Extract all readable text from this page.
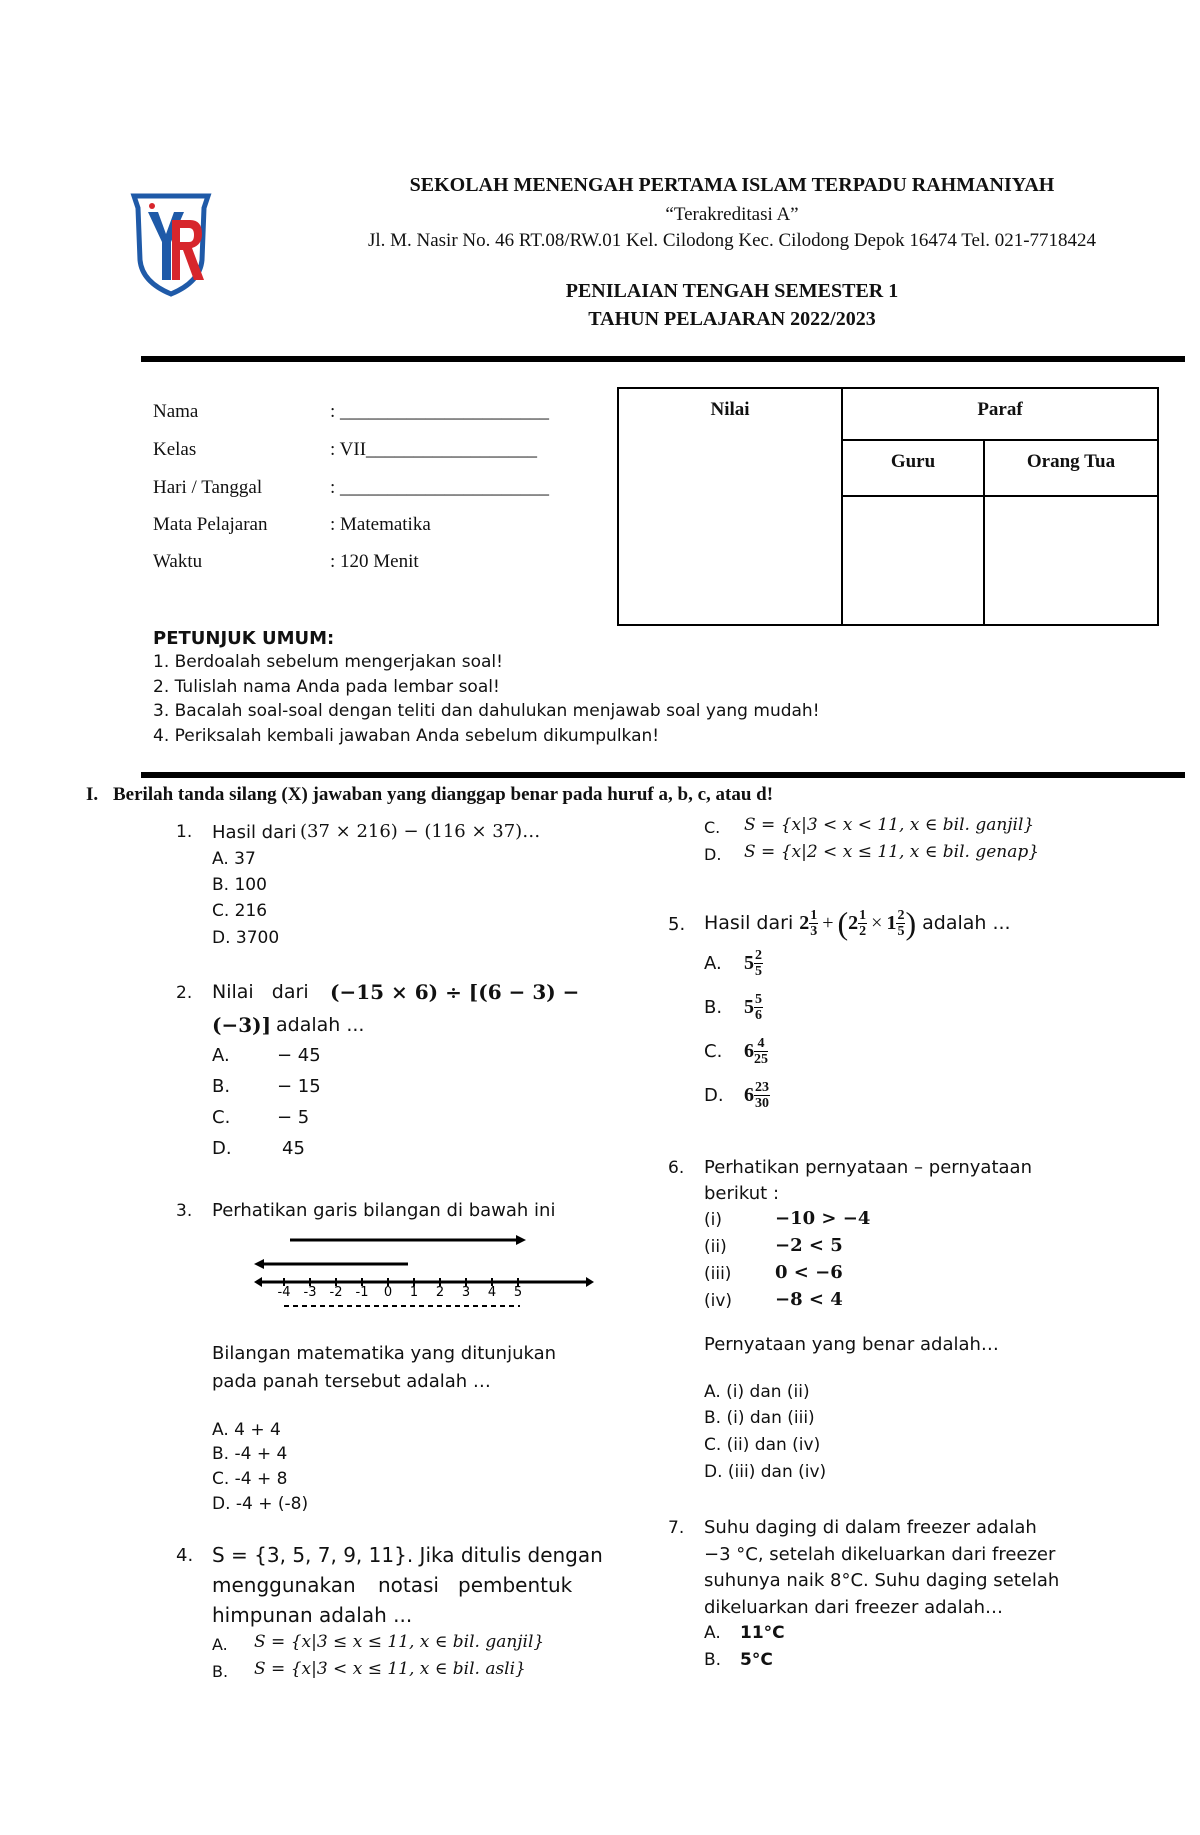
SEKOLAH MENENGAH PERTAMA ISLAM TERPADU RAHMANIYAH
“Terakreditasi A”
Jl. M. Nasir No. 46 RT.08/RW.01 Kel. Cilodong Kec. Cilodong Depok 16474 Tel. 021-7718424
PENILAIAN TENGAH SEMESTER 1
TAHUN PELAJARAN 2022/2023
Nama	: ______________________
Kelas	: VII__________________
Hari / Tanggal	: ______________________
Mata Pelajaran	: Matematika
Waktu	: 120 Menit
Nilai	Paraf	
	Guru	Orang Tua

PETUNJUK UMUM:
1. Berdoalah sebelum mengerjakan soal!
2. Tulislah nama Anda pada lembar soal!
3. Bacalah soal-soal dengan teliti dan dahulukan menjawab soal yang mudah!
4. Periksalah kembali jawaban Anda sebelum dikumpulkan!
I. Berilah tanda silang (X) jawaban yang dianggap benar pada huruf a, b, c, atau d!
1. Hasil dari (37 × 216) − (116 × 37)…
A. 37
B. 100
C. 216
D. 3700
2. Nilai   dari (−15 × 6) ÷ [(6 − 3) −
(−3)] adalah ...
A.	− 45
B.	− 15
C.	− 5
D.	45
3. Perhatikan garis bilangan di bawah ini
-4 -3 -2 -1 0 1 2 3 4 5
Bilangan matematika yang ditunjukan
pada panah tersebut adalah …
A. 4 + 4
B. -4 + 4
C. -4 + 8
D. -4 + (-8)
4. S = {3, 5, 7, 9, 11}. Jika ditulis dengan
menggunakan notasi pembentuk
himpunan adalah ...
A. S = {x|3 ≤ x ≤ 11, x ∈ bil. ganjil}
B. S = {x|3 < x ≤ 11, x ∈ bil. asli}
C. S = {x|3 < x < 11, x ∈ bil. ganjil}
D. S = {x|2 < x ≤ 11, x ∈ bil. genap}
5. Hasil dari $2 \frac{1}{3}$ + ( $2 \frac{1}{2} \times 1 \frac{2}{5}$ ) adalah ...
A.	$5 \frac{2}{5}$
B.	$5 \frac{5}{6}$
C.	$6 \frac{4}{25}$
D.	$6 \frac{23}{30}$
6. Perhatikan pernyataan – pernyataan
berikut :
(i)	−10 > −4
(ii)	−2 < 5
(iii) 0 < −6
(iv) −8 < 4
Pernyataan yang benar adalah…
A. (i) dan (ii)
B. (i) dan (iii)
C. (ii) dan (iv)
D. (iii) dan (iv)
7. Suhu daging di dalam freezer adalah
−3 °C, setelah dikeluarkan dari freezer
suhunya naik 8°C. Suhu daging setelah
dikeluarkan dari freezer adalah…
A. 11°C
B. 5°C
